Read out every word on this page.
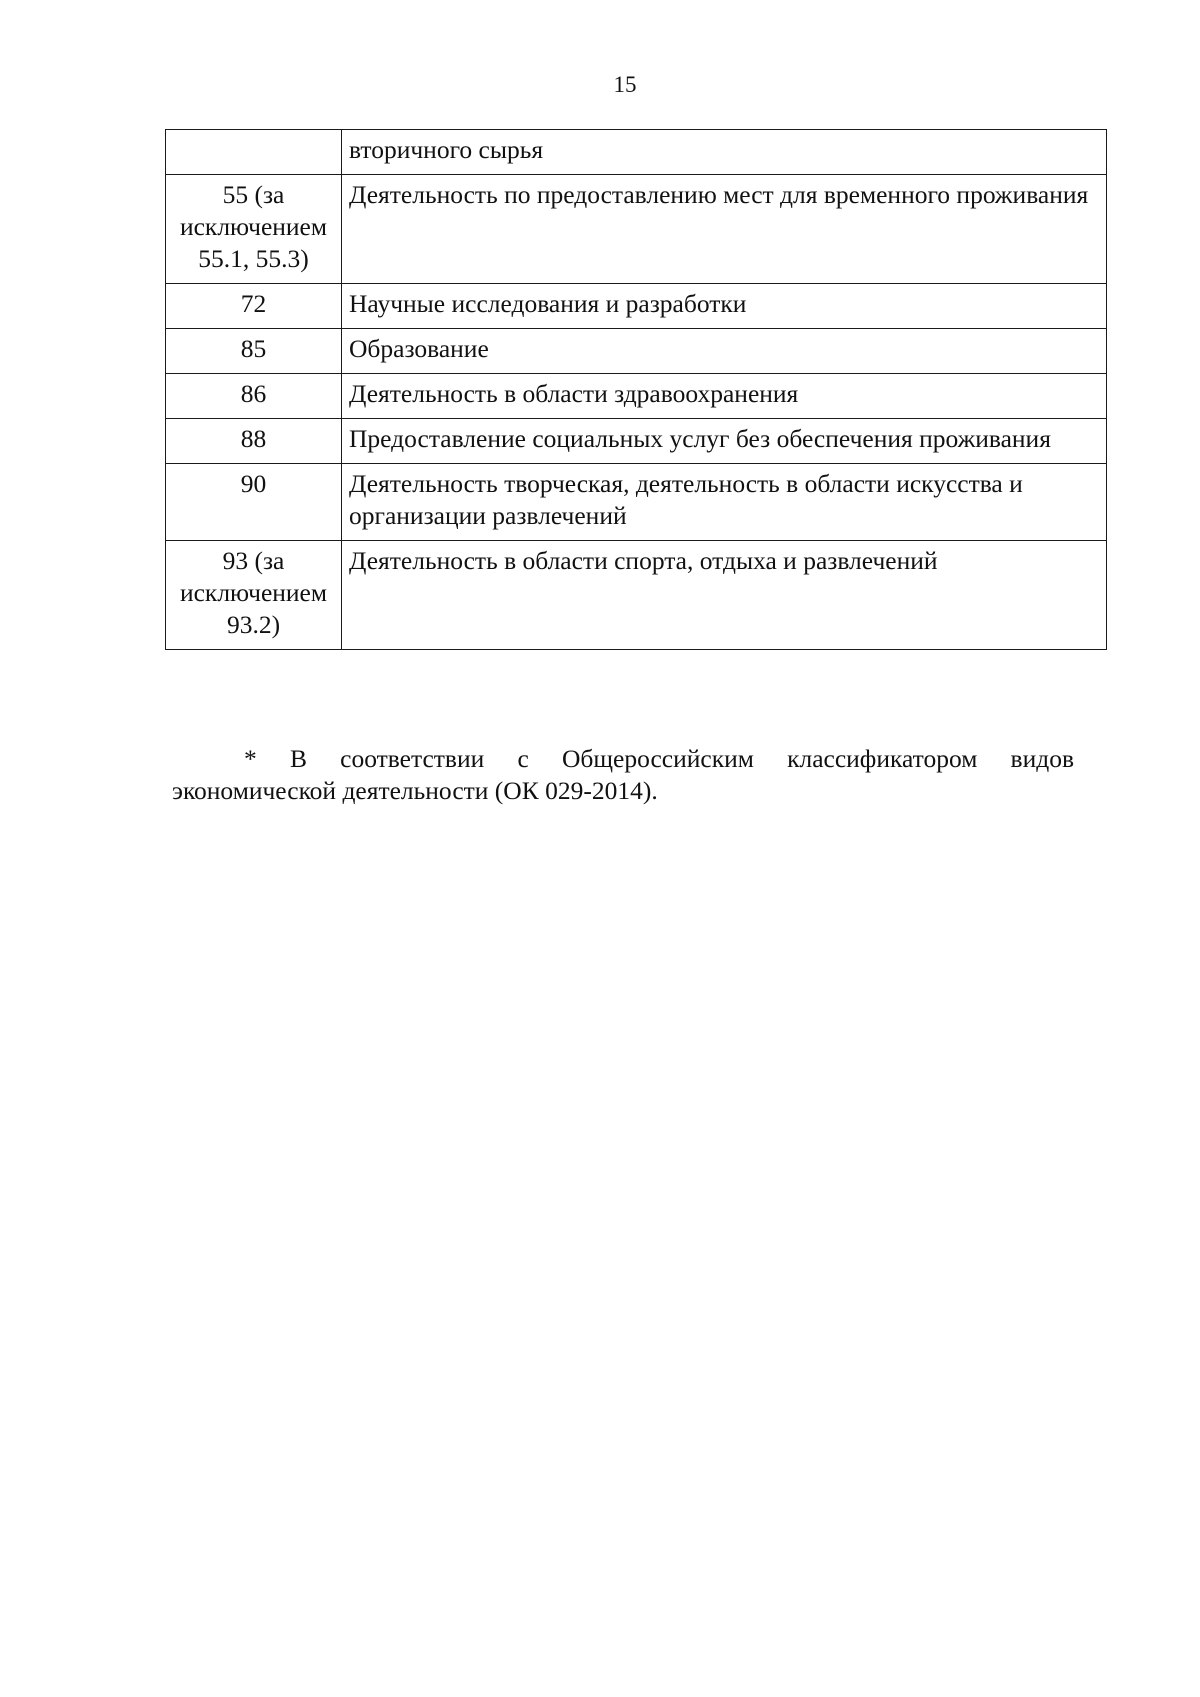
15
	вторичного сырья
55 (за исключением 55.1, 55.3)	Деятельность по предоставлению мест для временного проживания
72	Научные исследования и разработки
85	Образование
86	Деятельность в области здравоохранения
88	Предоставление социальных услуг без обеспечения проживания
90	Деятельность творческая, деятельность в области искусства и организации развлечений
93 (за исключением 93.2)	Деятельность в области спорта, отдыха и развлечений

* В соответствии с Общероссийским классификатором видов экономической деятельности (ОК 029-2014).
